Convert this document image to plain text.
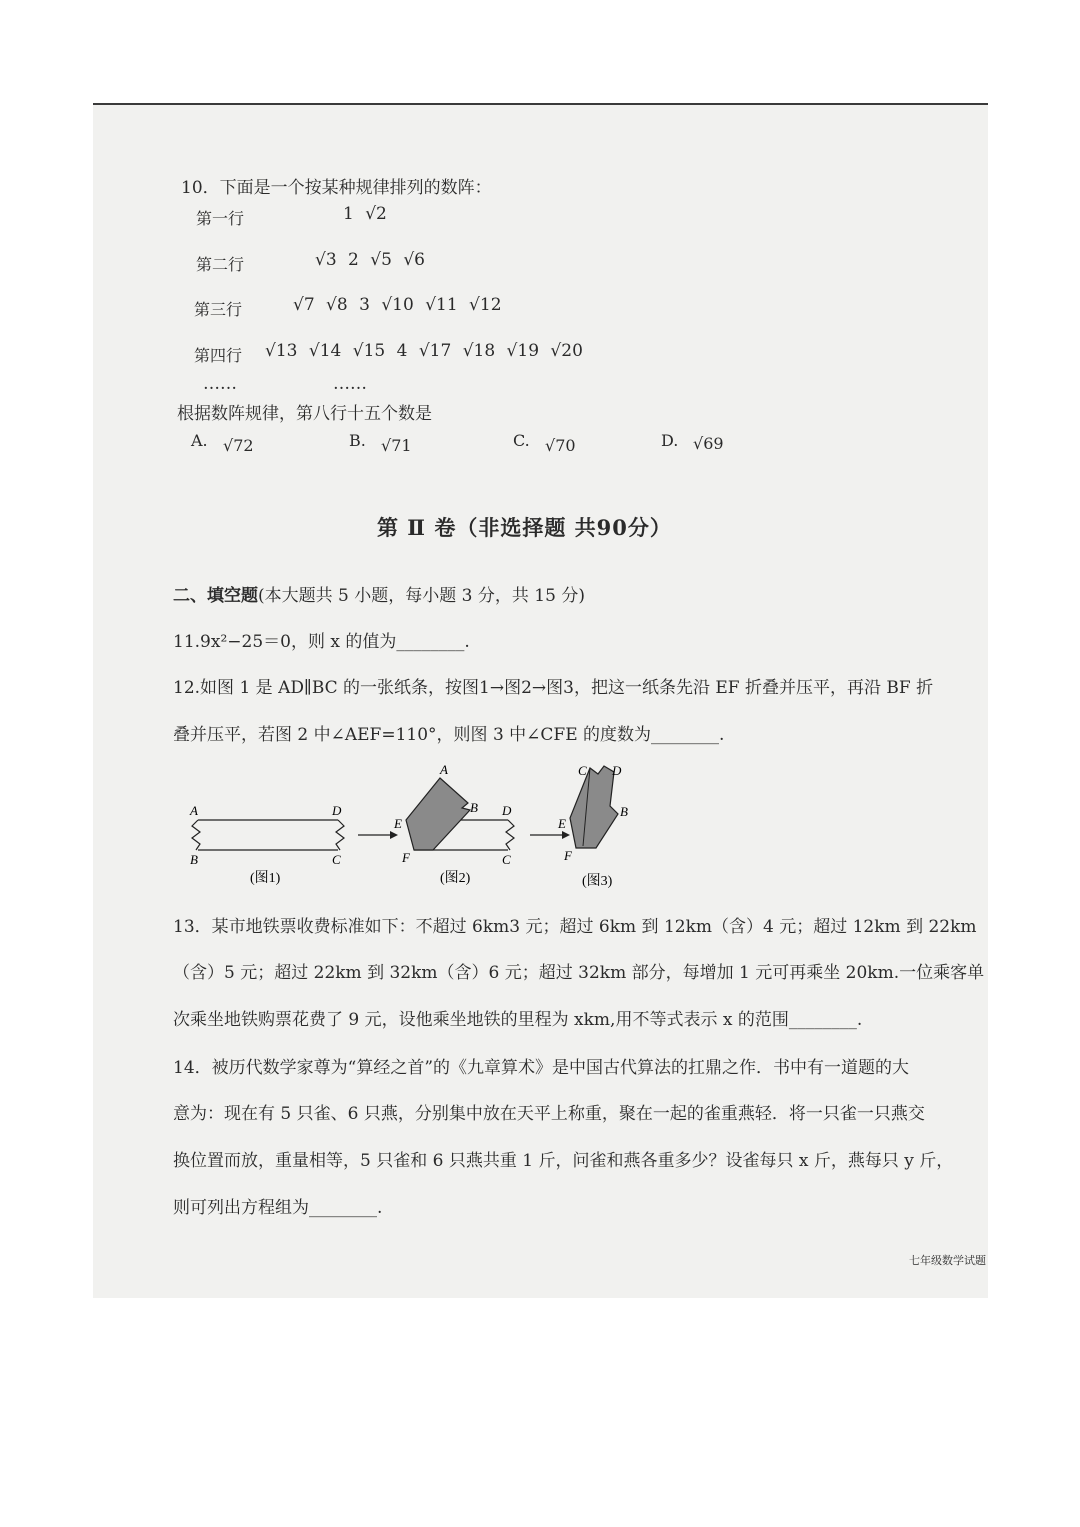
10．下面是一个按某种规律排列的数阵：
第一行	1 √2
第二行	√3 2 √5 √6
第三行	√7 √8 3 √10 √11 √12
第四行 √13 √14 √15 4 √17 √18 √19 √20
……	……
根据数阵规律，第八行十五个数是
A. √72	B. √71	C. √70	D. √69
第 Ⅱ 卷（非选择题 共90分）
二、填空题(本大题共 5 小题，每小题 3 分，共 15 分)
11.9x²−25＝0，则 x 的值为________.
12.如图 1 是 AD∥BC 的一张纸条，按图1→图2→图3，把这一纸条先沿 EF 折叠并压平，再沿 BF 折
叠并压平，若图 2 中∠AEF=110°，则图 3 中∠CFE 的度数为________.
A	D
B	C
(图1)
A
B D
E
F	C
(图2)
C D
B
E
F
(图3)
13．某市地铁票收费标准如下：不超过 6km3 元；超过 6km 到 12km（含）4 元；超过 12km 到 22km
（含）5 元；超过 22km 到 32km（含）6 元；超过 32km 部分，每增加 1 元可再乘坐 20km.一位乘客单
次乘坐地铁购票花费了 9 元，设他乘坐地铁的里程为 xkm,用不等式表示 x 的范围________.
14．被历代数学家尊为“算经之首”的《九章算术》是中国古代算法的扛鼎之作．书中有一道题的大
意为：现在有 5 只雀、6 只燕，分别集中放在天平上称重，聚在一起的雀重燕轻．将一只雀一只燕交
换位置而放，重量相等，5 只雀和 6 只燕共重 1 斤，问雀和燕各重多少？设雀每只 x 斤，燕每只 y 斤，
则可列出方程组为________.
七年级数学试题
